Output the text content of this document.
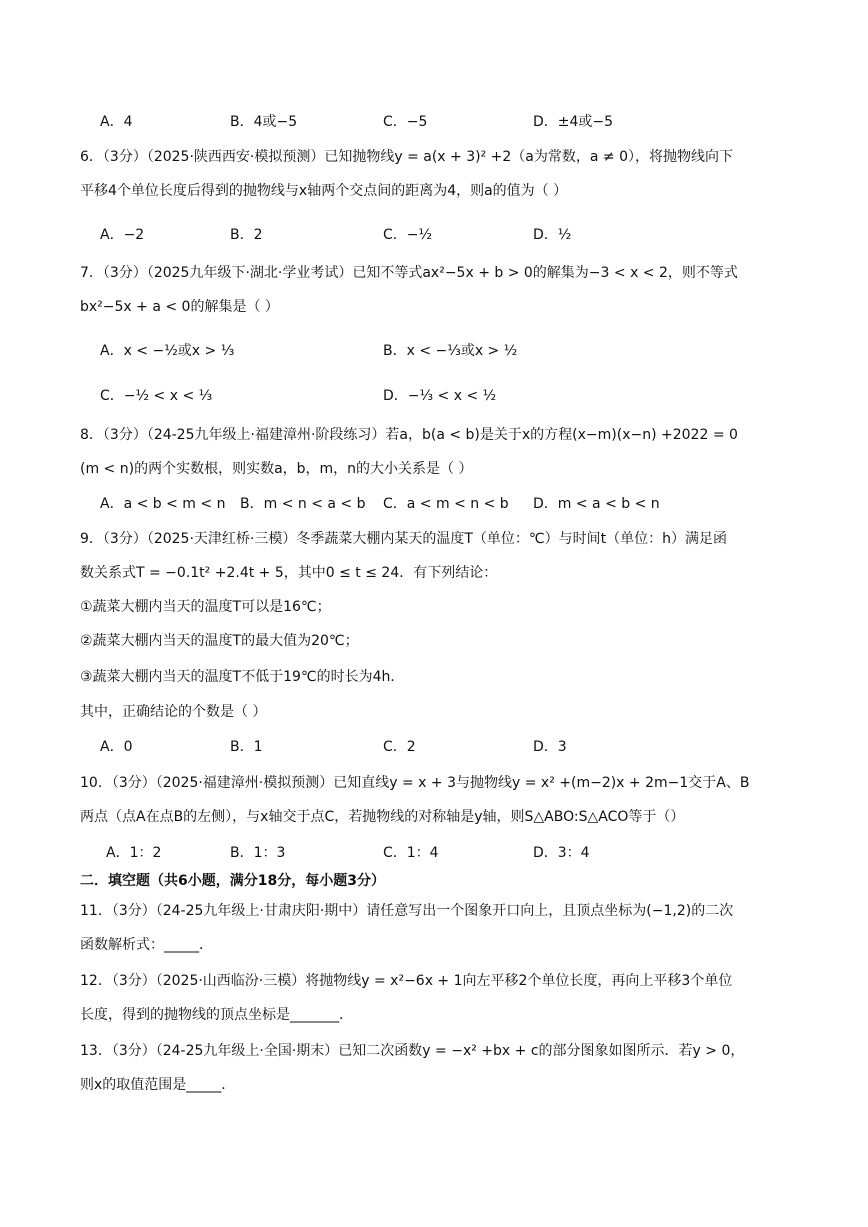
A．4	B．4或−5	C．−5	D．±4或−5
6．（3分）（2025·陕西西安·模拟预测）已知抛物线y = a(x + 3)² +2（a为常数，a ≠ 0），将抛物线向下
平移4个单位长度后得到的抛物线与x轴两个交点间的距离为4，则a的值为（ ）
A．−2	B．2	C．−½	D．½
7．（3分）（2025九年级下·湖北·学业考试）已知不等式ax²−5x + b > 0的解集为−3 < x < 2，则不等式
bx²−5x + a < 0的解集是（ ）
A．x < −½或x > ⅓	B．x < −⅓或x > ½
C．−½ < x < ⅓	D．−⅓ < x < ½
8．（3分）（24-25九年级上·福建漳州·阶段练习）若a，b(a < b)是关于x的方程(x−m)(x−n) +2022 = 0
(m < n)的两个实数根，则实数a，b，m，n的大小关系是（ ）
A．a < b < m < n B．m < n < a < b C．a < m < n < b D．m < a < b < n
9．（3分）（2025·天津红桥·三模）冬季蔬菜大棚内某天的温度T（单位：℃）与时间t（单位：h）满足函
数关系式T = −0.1t² +2.4t + 5，其中0 ≤ t ≤ 24．有下列结论：
①蔬菜大棚内当天的温度T可以是16℃；
②蔬菜大棚内当天的温度T的最大值为20℃；
③蔬菜大棚内当天的温度T不低于19℃的时长为4h．
其中，正确结论的个数是（ ）
A．0	B．1	C．2	D．3
10．（3分）（2025·福建漳州·模拟预测）已知直线y = x + 3与抛物线y = x² +(m−2)x + 2m−1交于A、B
两点（点A在点B的左侧），与x轴交于点C，若抛物线的对称轴是y轴，则S△ABO:S△ACO等于（）
A．1：2	B．1：3	C．1：4	D．3：4
二．填空题（共6小题，满分18分，每小题3分）
11．（3分）（24-25九年级上·甘肃庆阳·期中）请任意写出一个图象开口向上，且顶点坐标为(−1,2)的二次
函数解析式：_____．
12．（3分）（2025·山西临汾·三模）将抛物线y = x²−6x + 1向左平移2个单位长度，再向上平移3个单位
长度，得到的抛物线的顶点坐标是_______．
13．（3分）（24-25九年级上·全国·期末）已知二次函数y = −x² +bx + c的部分图象如图所示．若y > 0，
则x的取值范围是_____．
